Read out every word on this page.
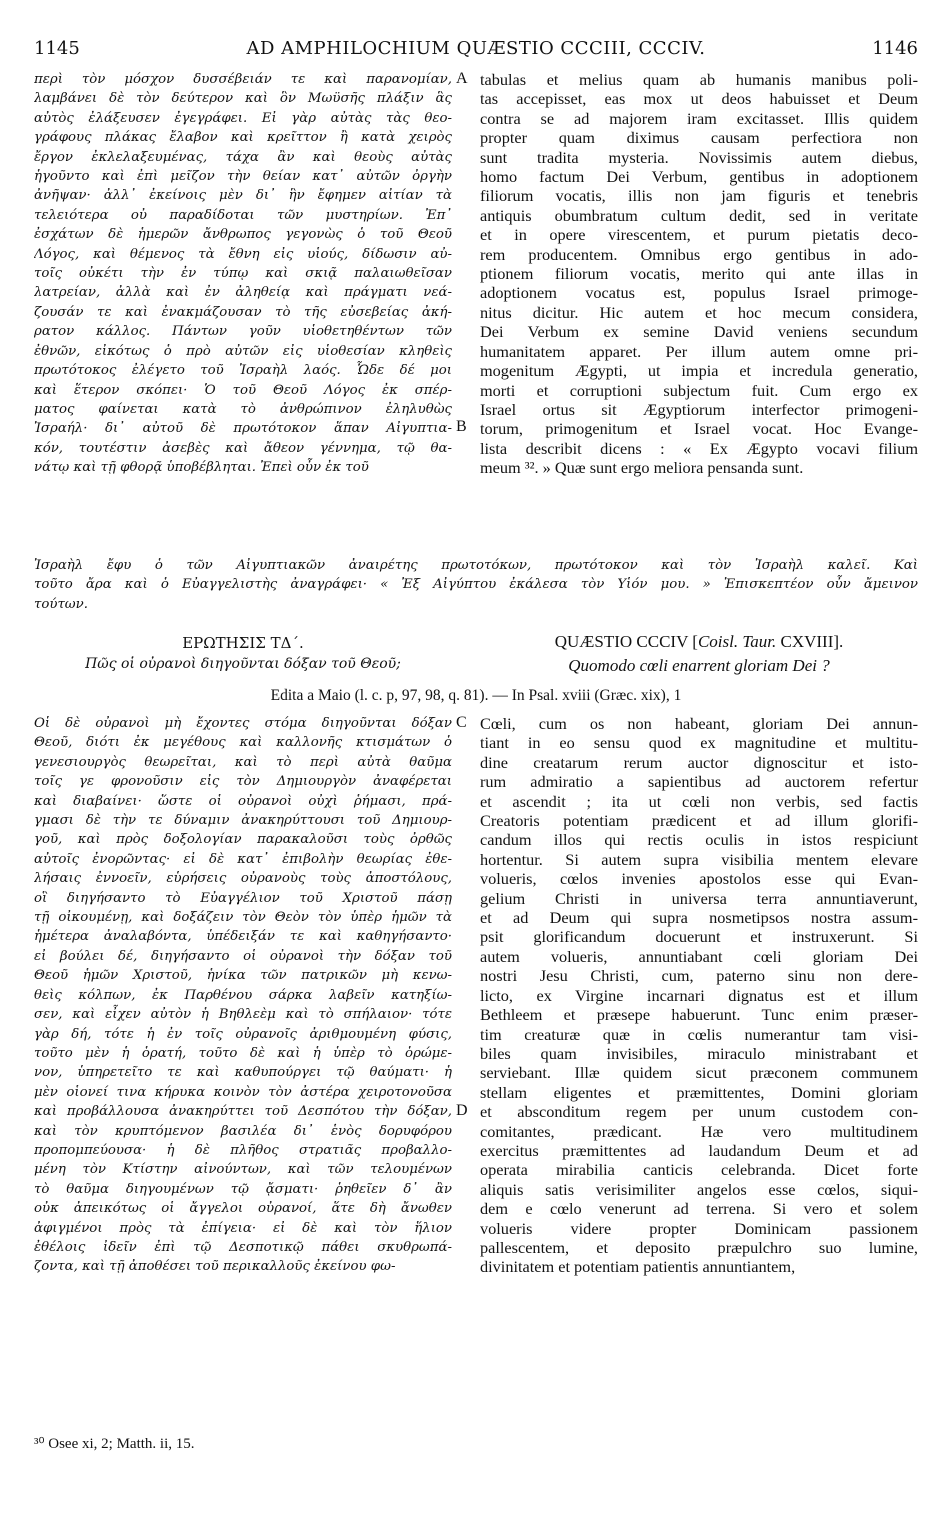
1145	AD AMPHILOCHIUM QUÆSTIO CCCIII, CCCIV.	1146
περὶ τὸν μόσχον δυσσέβειάν τε καὶ παρανομίαν,
λαμβάνει δὲ τὸν δεύτερον καὶ ὃν Μωϋσῆς πλάξιν ἃς
αὐτὸς ἐλάξευσεν ἐγεγράφει. Εἰ γὰρ αὐτὰς τὰς θεο-
γράφους πλάκας ἔλαβον καὶ κρεῖττον ἢ κατὰ χειρὸς
ἔργον ἐκλελαξευμένας, τάχα ἂν καὶ θεοὺς αὐτὰς
ἡγοῦντο καὶ ἐπὶ μεῖζον τὴν θείαν κατ᾽ αὐτῶν ὀργὴν
ἀνῆψαν· ἀλλ᾽ ἐκείνοις μὲν δι᾽ ἣν ἔφημεν αἰτίαν τὰ
τελειότερα οὐ παραδίδοται τῶν μυστηρίων. Ἐπ᾽
ἐσχάτων δὲ ἡμερῶν ἄνθρωπος γεγονὼς ὁ τοῦ Θεοῦ
Λόγος, καὶ θέμενος τὰ ἔθνη εἰς υἱούς, δίδωσιν αὐ-
τοῖς οὐκέτι τὴν ἐν τύπῳ καὶ σκιᾷ παλαιωθεῖσαν
λατρείαν, ἀλλὰ καὶ ἐν ἀληθείᾳ καὶ πράγματι νεά-
ζουσάν τε καὶ ἐνακμάζουσαν τὸ τῆς εὐσεβείας ἀκή-
ρατον κάλλος. Πάντων γοῦν υἱοθετηθέντων τῶν
ἐθνῶν, εἰκότως ὁ πρὸ αὐτῶν εἰς υἱοθεσίαν κληθεὶς
πρωτότοκος ἐλέγετο τοῦ Ἰσραὴλ λαός. Ὧδε δέ μοι
καὶ ἕτερον σκόπει· Ὁ τοῦ Θεοῦ Λόγος ἐκ σπέρ-
ματος φαίνεται κατὰ τὸ ἀνθρώπινον ἐληλυθὼς
Ἰσραήλ· δι᾽ αὐτοῦ δὲ πρωτότοκον ἅπαν Αἰγυπτια-
κόν, τουτέστιν ἀσεβὲς καὶ ἄθεον γέννημα, τῷ θα-
νάτῳ καὶ τῇ φθορᾷ ὑποβέβληται. Ἐπεὶ οὖν ἐκ τοῦ
A
B
tabulas et melius quam ab humanis manibus poli-
tas accepisset, eas mox ut deos habuisset et Deum
contra se ad majorem iram excitasset. Illis quidem
propter quam diximus causam perfectiora non
sunt tradita mysteria. Novissimis autem diebus,
homo factum Dei Verbum, gentibus in adoptionem
filiorum vocatis, illis non jam figuris et tenebris
antiquis obumbratum cultum dedit, sed in veritate
et in opere virescentem, et purum pietatis deco-
rem producentem. Omnibus ergo gentibus in ado-
ptionem filiorum vocatis, merito qui ante illas in
adoptionem vocatus est, populus Israel primoge-
nitus dicitur. Hic autem et hoc mecum considera,
Dei Verbum ex semine David veniens secundum
humanitatem apparet. Per illum autem omne pri-
mogenitum Ægypti, ut impia et incredula generatio,
morti et corruptioni subjectum fuit. Cum ergo ex
Israel ortus sit Ægyptiorum interfector primogeni-
torum, primogenitum et Israel vocat. Hoc Evange-
lista describit dicens : « Ex Ægypto vocavi filium
meum ³². » Quæ sunt ergo meliora pensanda sunt.
Ἰσραὴλ ἔφυ ὁ τῶν Αἰγυπτιακῶν ἀναιρέτης πρωτοτόκων, πρωτότοκον καὶ τὸν Ἰσραὴλ καλεῖ. Καὶ
τοῦτο ἄρα καὶ ὁ Εὐαγγελιστὴς ἀναγράφει· « Ἐξ Αἰγύπτου ἐκάλεσα τὸν Υἱόν μου. » Ἐπισκεπτέον οὖν ἄμεινον
τούτων.
ΕΡΩΤΗΣΙΣ ΤΔ΄.
Πῶς οἱ οὐρανοὶ διηγοῦνται δόξαν τοῦ Θεοῦ;
QUÆSTIO CCCIV [Coisl. Taur. CXVIII].
Quomodo cœli enarrent gloriam Dei ?
Edita a Maio (l. c. p, 97, 98, q. 81). — In Psal. xviii (Græc. xix), 1
Οἱ δὲ οὐρανοὶ μὴ ἔχοντες στόμα διηγοῦνται δόξαν
Θεοῦ, διότι ἐκ μεγέθους καὶ καλλονῆς κτισμάτων ὁ
γενεσιουργὸς θεωρεῖται, καὶ τὸ περὶ αὐτὰ θαῦμα
τοῖς γε φρονοῦσιν εἰς τὸν Δημιουργὸν ἀναφέρεται
καὶ διαβαίνει· ὥστε οἱ οὐρανοὶ οὐχὶ ῥήμασι, πρά-
γμασι δὲ τὴν τε δύναμιν ἀνακηρύττουσι τοῦ Δημιουρ-
γοῦ, καὶ πρὸς δοξολογίαν παρακαλοῦσι τοὺς ὀρθῶς
αὐτοῖς ἐνορῶντας· εἰ δὲ κατ᾽ ἐπιβολὴν θεωρίας ἐθε-
λήσαις ἐννοεῖν, εὑρήσεις οὐρανοὺς τοὺς ἀποστόλους,
οἳ διηγήσαντο τὸ Εὐαγγέλιον τοῦ Χριστοῦ πάσῃ
τῇ οἰκουμένῃ, καὶ δοξάζειν τὸν Θεὸν τὸν ὑπὲρ ἡμῶν τὰ
ἡμέτερα ἀναλαβόντα, ὑπέδειξάν τε καὶ καθηγήσαντο·
εἰ βούλει δέ, διηγήσαντο οἱ οὐρανοὶ τὴν δόξαν τοῦ
Θεοῦ ἡμῶν Χριστοῦ, ἡνίκα τῶν πατρικῶν μὴ κενω-
θεὶς κόλπων, ἐκ Παρθένου σάρκα λαβεῖν κατηξίω-
σεν, καὶ εἶχεν αὐτὸν ἡ Βηθλεὲμ καὶ τὸ σπήλαιον· τότε
γὰρ δή, τότε ἡ ἐν τοῖς οὐρανοῖς ἀριθμουμένη φύσις,
τοῦτο μὲν ἡ ὁρατή, τοῦτο δὲ καὶ ἡ ὑπὲρ τὸ ὁρώμε-
νον, ὑπηρετεῖτο τε καὶ καθυπούργει τῷ θαύματι· ἡ
μὲν οἱονεί τινα κήρυκα κοινὸν τὸν ἀστέρα χειροτονοῦσα
καὶ προβάλλουσα ἀνακηρύττει τοῦ Δεσπότου τὴν δόξαν,
καὶ τὸν κρυπτόμενον βασιλέα δι᾽ ἑνὸς δορυφόρου
προπομπεύουσα· ἡ δὲ πλῆθος στρατιᾶς προβαλλο-
μένη τὸν Κτίστην αἰνούντων, καὶ τῶν τελουμένων
τὸ θαῦμα διηγουμένων τῷ ᾄσματι· ῥηθεῖεν δ᾽ ἂν
οὐκ ἀπεικότως οἱ ἄγγελοι οὐρανοί, ἅτε δὴ ἄνωθεν
ἀφιγμένοι πρὸς τὰ ἐπίγεια· εἰ δὲ καὶ τὸν ἥλιον
ἐθέλοις ἰδεῖν ἐπὶ τῷ Δεσποτικῷ πάθει σκυθρωπά-
ζοντα, καὶ τῇ ἀποθέσει τοῦ περικαλλοῦς ἐκείνου φω-
C
D
Cœli, cum os non habeant, gloriam Dei annun-
tiant in eo sensu quod ex magnitudine et multitu-
dine creatarum rerum auctor dignoscitur et isto-
rum admiratio a sapientibus ad auctorem refertur
et ascendit ; ita ut cœli non verbis, sed factis
Creatoris potentiam prædicent et ad illum glorifi-
candum illos qui rectis oculis in istos respiciunt
hortentur. Si autem supra visibilia mentem elevare
volueris, cœlos invenies apostolos esse qui Evan-
gelium Christi in universa terra annuntiaverunt,
et ad Deum qui supra nosmetipsos nostra assum-
psit glorificandum docuerunt et instruxerunt. Si
autem volueris, annuntiabant cœli gloriam Dei
nostri Jesu Christi, cum, paterno sinu non dere-
licto, ex Virgine incarnari dignatus est et illum
Bethleem et præsepe habuerunt. Tunc enim præser-
tim creaturæ quæ in cœlis numerantur tam visi-
biles quam invisibiles, miraculo ministrabant et
serviebant. Illæ quidem sicut præconem communem
stellam eligentes et præmittentes, Domini gloriam
et absconditum regem per unum custodem con-
comitantes, prædicant. Hæ vero multitudinem
exercitus præmittentes ad laudandum Deum et ad
operata mirabilia canticis celebranda. Dicet forte
aliquis satis verisimiliter angelos esse cœlos, siqui-
dem e cœlo venerunt ad terrena. Si vero et solem
volueris videre propter Dominicam passionem
pallescentem, et deposito præpulchro suo lumine,
divinitatem et potentiam patientis annuntiantem,
³⁰ Osee xi, 2; Matth. ii, 15.
